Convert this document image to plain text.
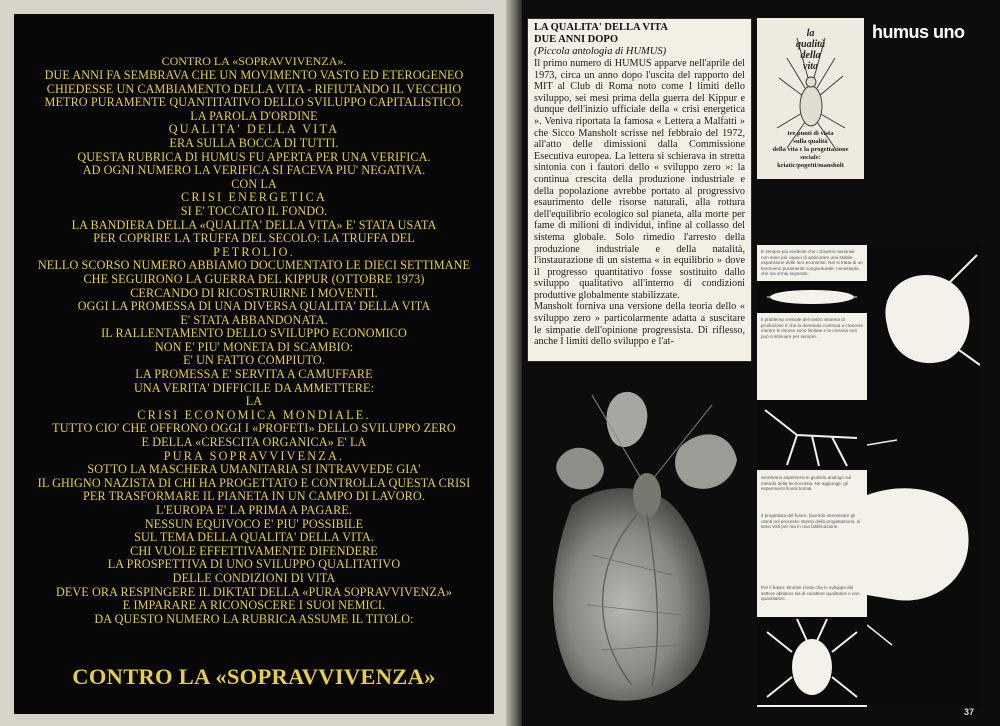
CONTRO LA «SOPRAVVIVENZA».
DUE ANNI FA SEMBRAVA CHE UN MOVIMENTO VASTO ED ETEROGENEO
CHIEDESSE UN CAMBIAMENTO DELLA VITA - RIFIUTANDO IL VECCHIO
METRO PURAMENTE QUANTITATIVO DELLO SVILUPPO CAPITALISTICO.
LA PAROLA D'ORDINE
QUALITA' DELLA VITA
ERA SULLA BOCCA DI TUTTI.
QUESTA RUBRICA DI HUMUS FU APERTA PER UNA VERIFICA.
AD OGNI NUMERO LA VERIFICA SI FACEVA PIU' NEGATIVA.
CON LA
CRISI ENERGETICA
SI E' TOCCATO IL FONDO.
LA BANDIERA DELLA «QUALITA' DELLA VITA» E' STATA USATA
PER COPRIRE LA TRUFFA DEL SECOLO: LA TRUFFA DEL
PETROLIO.
NELLO SCORSO NUMERO ABBIAMO DOCUMENTATO LE DIECI SETTIMANE
CHE SEGUIRONO LA GUERRA DEL KIPPUR (OTTOBRE 1973)
CERCANDO DI RICOSTRUIRNE I MOVENTI.
OGGI LA PROMESSA DI UNA DIVERSA QUALITA' DELLA VITA
E' STATA ABBANDONATA.
IL RALLENTAMENTO DELLO SVILUPPO ECONOMICO
NON E' PIU' MONETA DI SCAMBIO:
E' UN FATTO COMPIUTO.
LA PROMESSA E' SERVITA A CAMUFFARE
UNA VERITA' DIFFICILE DA AMMETTERE:
LA
CRISI ECONOMICA MONDIALE.
TUTTO CIO' CHE OFFRONO OGGI I «PROFETI» DELLO SVILUPPO ZERO
E DELLA «CRESCITA ORGANICA» E' LA
PURA SOPRAVVIVENZA.
SOTTO LA MASCHERA UMANITARIA SI INTRAVVEDE GIA'
IL GHIGNO NAZISTA DI CHI HA PROGETTATO E CONTROLLA QUESTA CRISI
PER TRASFORMARE IL PIANETA IN UN CAMPO DI LAVORO.
L'EUROPA E' LA PRIMA A PAGARE.
NESSUN EQUIVOCO E' PIU' POSSIBILE
SUL TEMA DELLA QUALITA' DELLA VITA.
CHI VUOLE EFFETTIVAMENTE DIFENDERE
LA PROSPETTIVA DI UNO SVILUPPO QUALITATIVO
DELLE CONDIZIONI DI VITA
DEVE ORA RESPINGERE IL DIKTAT DELLA «PURA SOPRAVVIVENZA»
E IMPARARE A RICONOSCERE I SUOI NEMICI.
DA QUESTO NUMERO LA RUBRICA ASSUME IL TITOLO:
CONTRO LA «SOPRAVVIVENZA»
LA QUALITA' DELLA VITA
DUE ANNI DOPO
(Piccola antologia di HUMUS)
Il primo numero di HUMUS apparve nell'aprile del 1973, circa un anno dopo l'uscita del rapporto del MIT al Club di Roma noto come I limiti dello sviluppo, sei mesi prima della guerra del Kippur e dunque dell'inizio ufficiale della « crisi energetica ». Veniva riportata la famosa « Lettera a Malfatti » che Sicco Mansholt scrisse nel febbraio del 1972, all'atto delle dimissioni dalla Commissione Esecutiva europea. La lettera si schierava in stretta sintonia con i fautori dello « sviluppo zero »: la continua crescita della produzione industriale e della popolazione avrebbe portato al progressivo esaurimento delle risorse naturali, alla rottura dell'equilibrio ecologico sul pianeta, alla morte per fame di milioni di individui, infine al collasso del sistema globale. Solo rimedio l'arresto della produzione industriale e della natalità, l'instaurazione di un sistema « in equilibrio » dove il progresso quantitativo fosse sostituito dallo sviluppo qualitativo all'interno di condizioni produttive globalmente stabilizzate.
Mansholt forniva una versione della teoria dello « sviluppo zero » particolarmente adatta a suscitare le simpatie dell'opinione progressista. Di riflesso, anche I limiti dello sviluppo e l'at-
la
qualità
della
vita
tre punti di vista
sulla qualità
della vita e la progettazione
sociale:
kriatic/pogetti/mansholt
humus uno
È sempre più evidente che i Governi nazionali non sono più capaci di assicurare una stabile espansione delle loro economie. Nel si tratta di un fenomeno puramente congiunturale; nonostante che sia ormai superato.
Il problema centrale del nostro sistema di produzione è che la domanda continua a crescere mentre le risorse sono limitate e la crescita non può continuare per sempre.
Sembrano esprimersi in giudizio analogo sul metodo della tecnocrazia. Ne aggiunge: gli esperimenti finora tentati.
Il progettista del futuro, facendo interessare gli utenti nel processo stesso della progettazione, si sono visti per ora in una falsificazione.
Per il futuro: Bruttini crede che lo sviluppo del settore abitativo sia di carattere qualitativo e non quantitativo.
37
